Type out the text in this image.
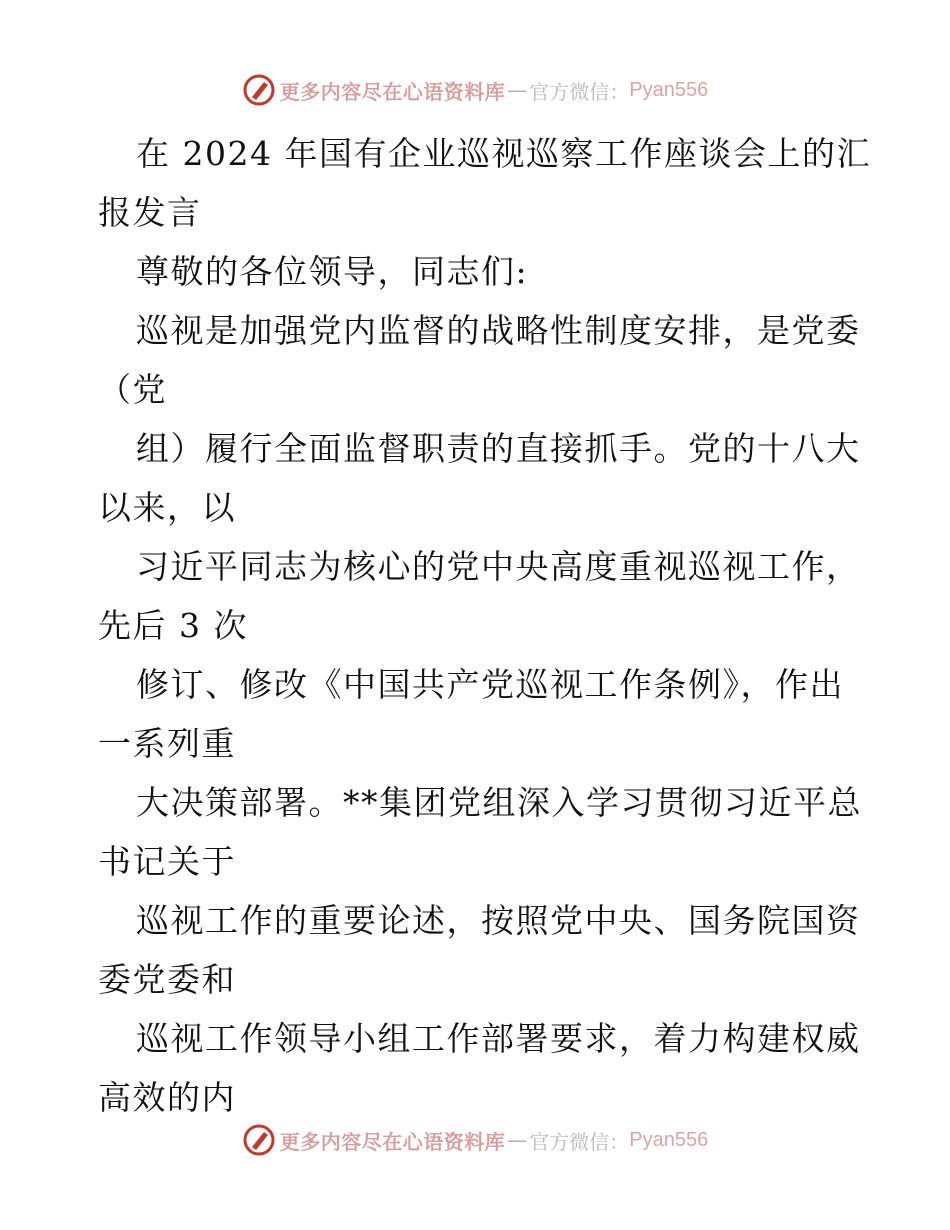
更多内容尽在心语资料库 — 官方微信： Pyan556
在 2024 年国有企业巡视巡察工作座谈会上的汇
报发言
尊敬的各位领导，同志们:
巡视是加强党内监督的战略性制度安排，是党委
（党
组）履行全面监督职责的直接抓手。党的十八大
以来，以
习近平同志为核心的党中央高度重视巡视工作，
先后 3 次
修订、修改《中国共产党巡视工作条例》，作出
一系列重
大决策部署。**集团党组深入学习贯彻习近平总
书记关于
巡视工作的重要论述，按照党中央、国务院国资
委党委和
巡视工作领导小组工作部署要求，着力构建权威
高效的内
更多内容尽在心语资料库 — 官方微信： Pyan556
